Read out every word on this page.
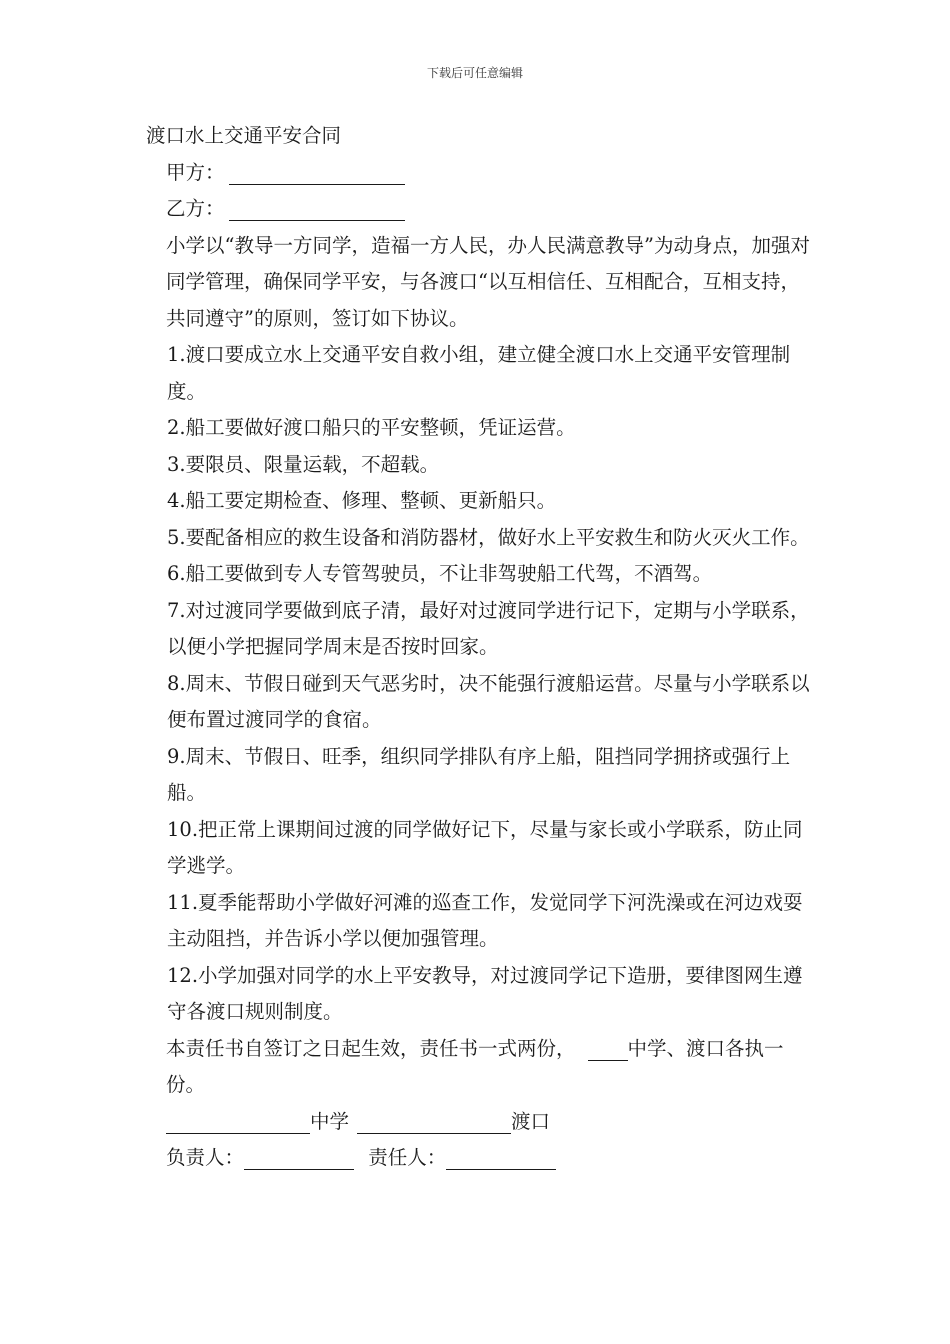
下载后可任意编辑

渡口水上交通平安合同

甲方：

乙方：

小学以“教导一方同学，造福一方人民，办人民满意教导”为动身点，加强对同学管理，确保同学平安，与各渡口“以互相信任、互相配合，互相支持，共同遵守”的原则，签订如下协议。

1.渡口要成立水上交通平安自救小组，建立健全渡口水上交通平安管理制度。

2.船工要做好渡口船只的平安整顿，凭证运营。

3.要限员、限量运载，不超载。

4.船工要定期检查、修理、整顿、更新船只。

5.要配备相应的救生设备和消防器材，做好水上平安救生和防火灭火工作。

6.船工要做到专人专管驾驶员，不让非驾驶船工代驾，不酒驾。

7.对过渡同学要做到底子清，最好对过渡同学进行记下，定期与小学联系，以便小学把握同学周末是否按时回家。

8.周末、节假日碰到天气恶劣时，决不能强行渡船运营。尽量与小学联系以便布置过渡同学的食宿。

9.周末、节假日、旺季，组织同学排队有序上船，阻挡同学拥挤或强行上船。

10.把正常上课期间过渡的同学做好记下，尽量与家长或小学联系，防止同学逃学。

11.夏季能帮助小学做好河滩的巡查工作，发觉同学下河洗澡或在河边戏耍主动阻挡，并告诉小学以便加强管理。

12.小学加强对同学的水上平安教导，对过渡同学记下造册，要律图网生遵守各渡口规则制度。

本责任书自签订之日起生效，责任书一式两份，	中学、渡口各执一份。

中学	渡口

负责人：	责任人：
